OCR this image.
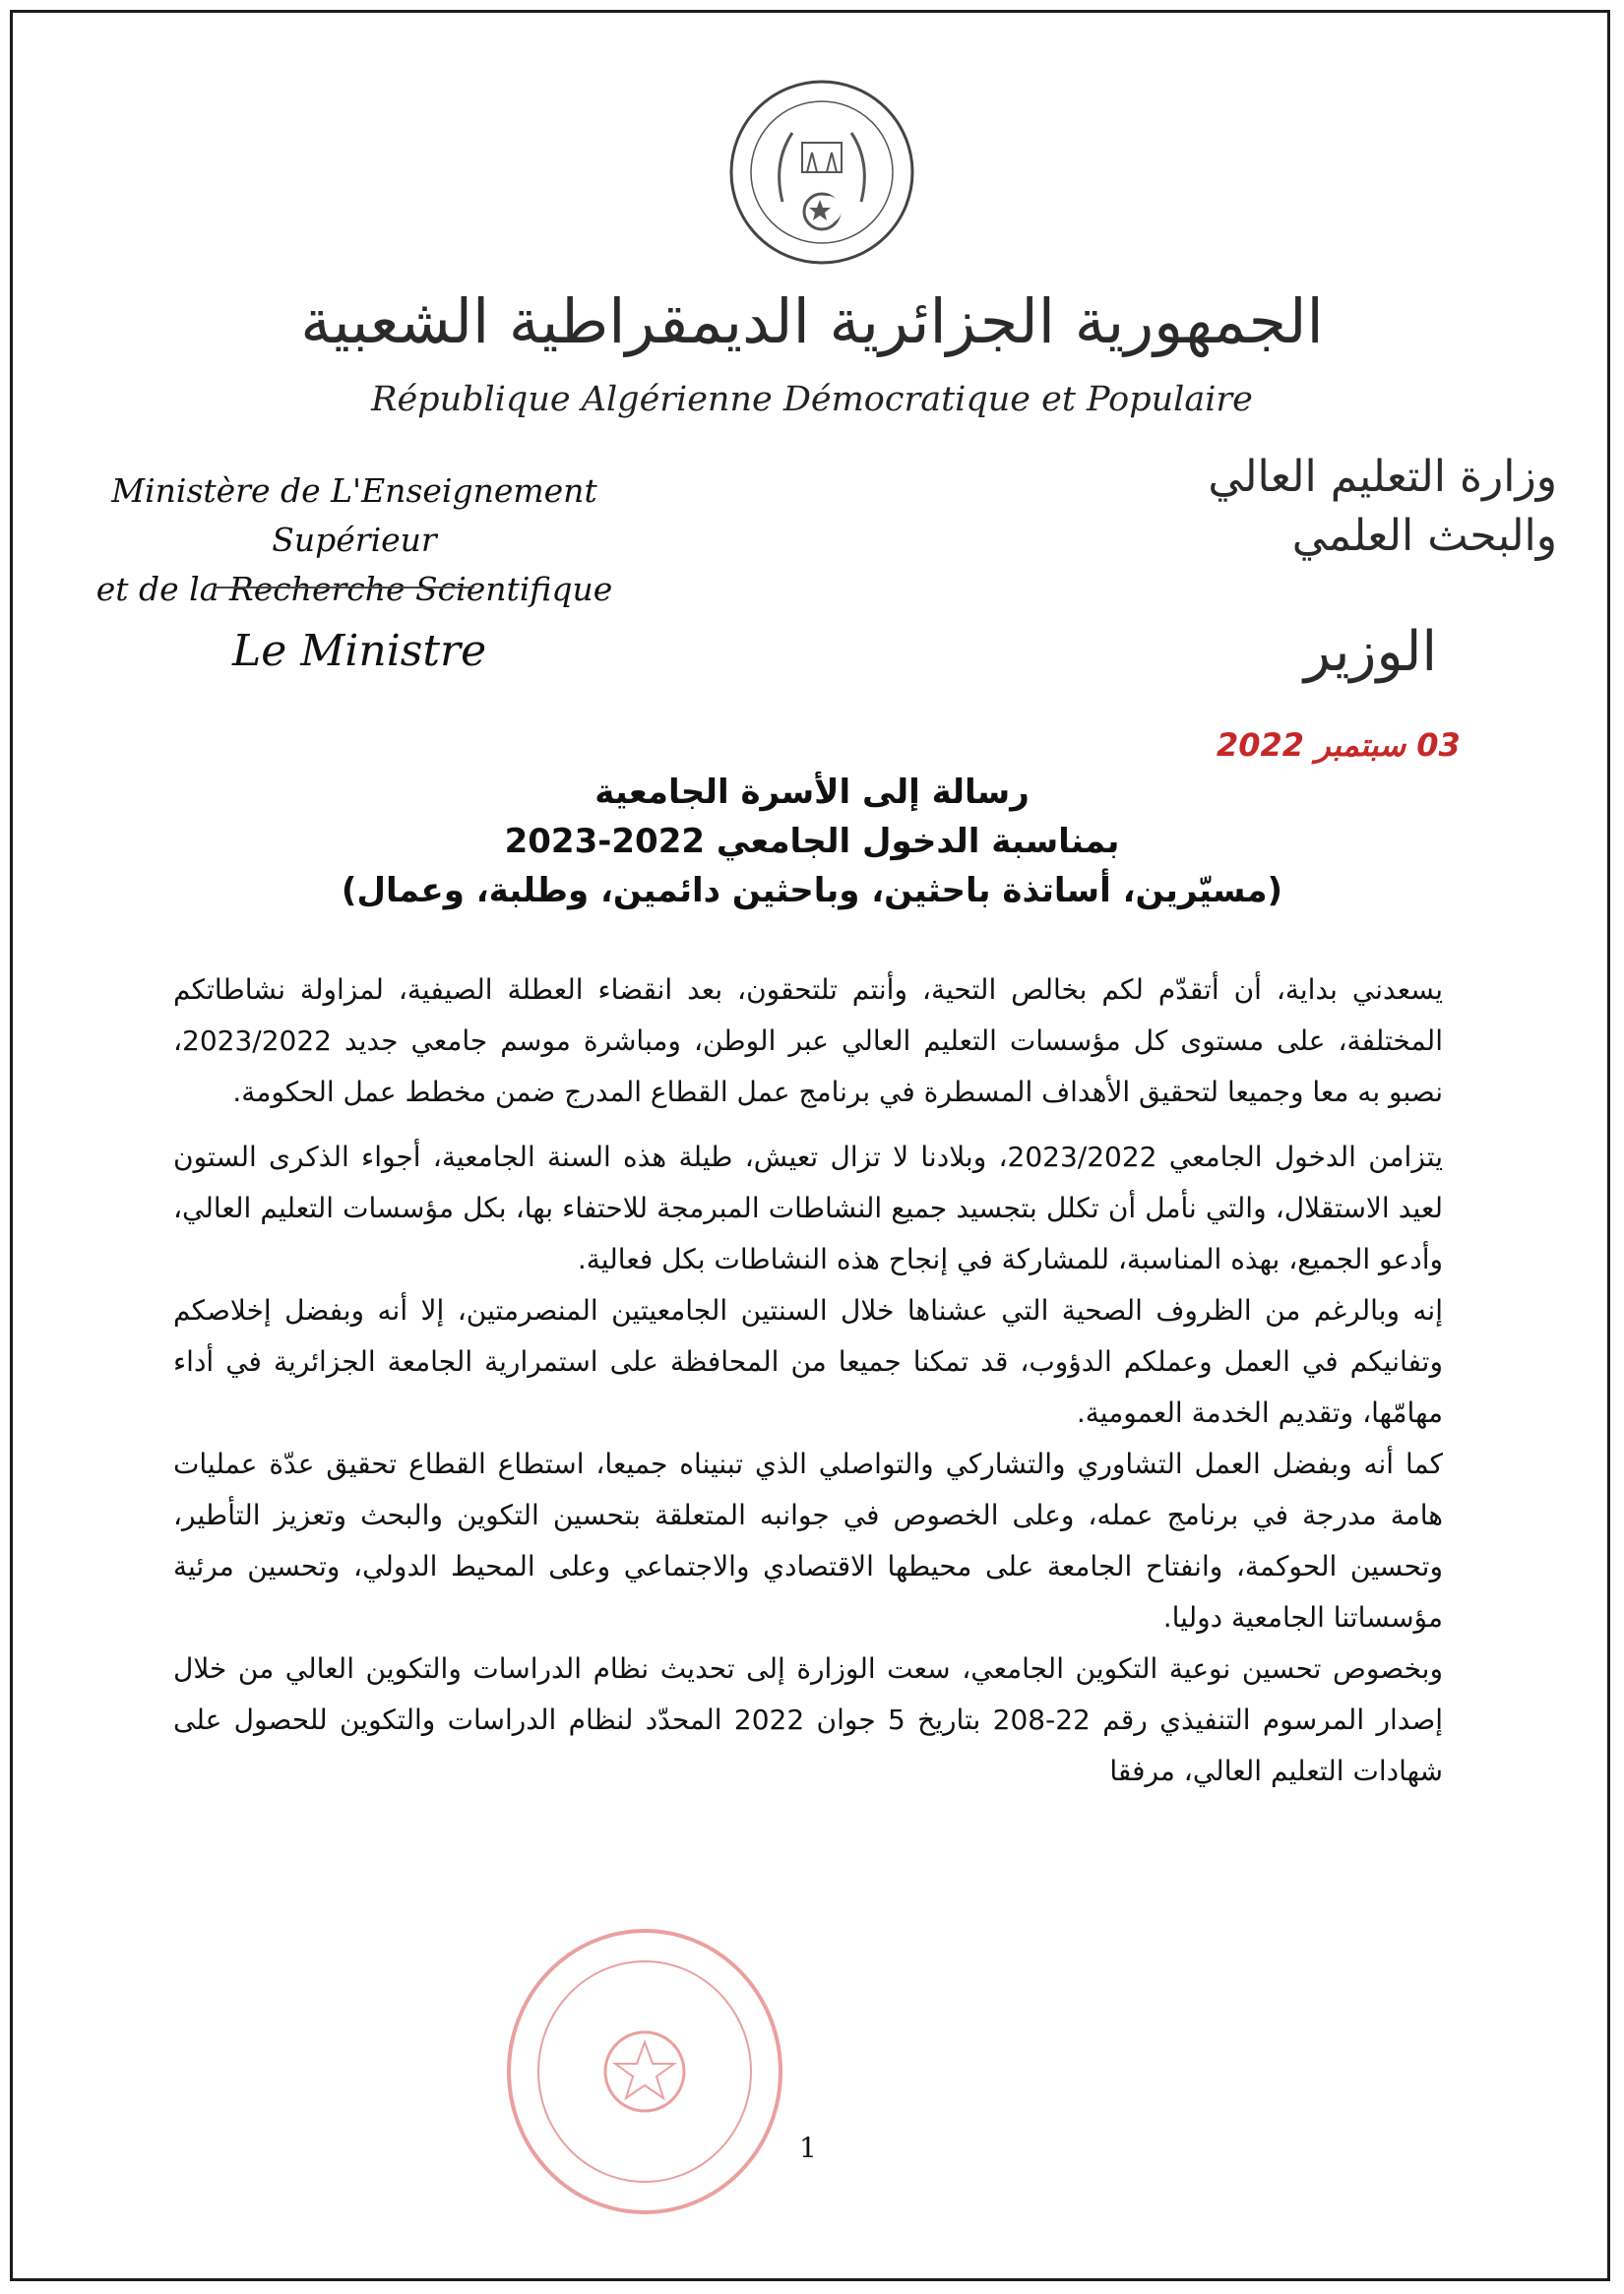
الجمهورية الجزائرية الديمقراطية الشعبية
République Algérienne Démocratique et Populaire
Ministère de L'Enseignement Supérieur
et de la Recherche Scientifique
Le Ministre
وزارة التعليم العالي
والبحث العلمي
الوزير
03 سبتمبر 2022
رسالة إلى الأسرة الجامعية
بمناسبة الدخول الجامعي 2022-2023
(مسيّرين، أساتذة باحثين، وباحثين دائمين، وطلبة، وعمال)

يسعدني بداية، أن أتقدّم لكم بخالص التحية، وأنتم تلتحقون، بعد انقضاء العطلة الصيفية، لمزاولة نشاطاتكم المختلفة، على مستوى كل مؤسسات التعليم العالي عبر الوطن، ومباشرة موسم جامعي جديد 2023/2022، نصبو به معا وجميعا لتحقيق الأهداف المسطرة في برنامج عمل القطاع المدرج ضمن مخطط عمل الحكومة.

يتزامن الدخول الجامعي 2023/2022، وبلادنا لا تزال تعيش، طيلة هذه السنة الجامعية، أجواء الذكرى الستون لعيد الاستقلال، والتي نأمل أن تكلل بتجسيد جميع النشاطات المبرمجة للاحتفاء بها، بكل مؤسسات التعليم العالي، وأدعو الجميع، بهذه المناسبة، للمشاركة في إنجاح هذه النشاطات بكل فعالية.

إنه وبالرغم من الظروف الصحية التي عشناها خلال السنتين الجامعيتين المنصرمتين، إلا أنه وبفضل إخلاصكم وتفانيكم في العمل وعملكم الدؤوب، قد تمكنا جميعا من المحافظة على استمرارية الجامعة الجزائرية في أداء مهامّها، وتقديم الخدمة العمومية.

كما أنه وبفضل العمل التشاوري والتشاركي والتواصلي الذي تبنيناه جميعا، استطاع القطاع تحقيق عدّة عمليات هامة مدرجة في برنامج عمله، وعلى الخصوص في جوانبه المتعلقة بتحسين التكوين والبحث وتعزيز التأطير، وتحسين الحوكمة، وانفتاح الجامعة على محيطها الاقتصادي والاجتماعي وعلى المحيط الدولي، وتحسين مرئية مؤسساتنا الجامعية دوليا.

وبخصوص تحسين نوعية التكوين الجامعي، سعت الوزارة إلى تحديث نظام الدراسات والتكوين العالي من خلال إصدار المرسوم التنفيذي رقم 22-208 بتاريخ 5 جوان 2022 المحدّد لنظام الدراسات والتكوين للحصول على شهادات التعليم العالي، مرفقا

1
